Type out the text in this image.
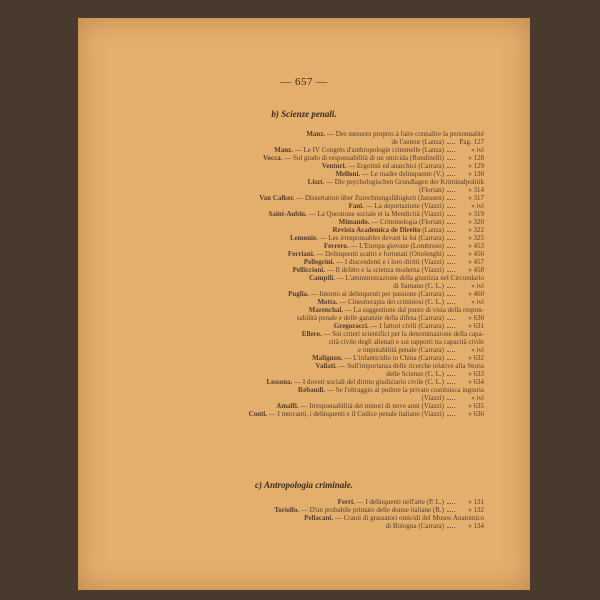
— 657 —
b) Scienze penali.
Manz. — Des mesures propres à faire connaître la personnalité
de l'auteur (Lanza) Pag. 127
Manz. — Le IV Congrès d'anthropologie criminelle (Lanza)	» ivi
Vocca. — Sul grado di responsabilità di un omicida (Rondinelli)	» 128
Venturi. — Ergotisti ed anarchici (Carrara)	» 129
Melloni. — Le madre delinquente (V.)	» 130
Liszt. — Die psychologischen Grundlagen der Kriminalpolitik
(Florian)	» 314
Van Calker. — Dissertation über Zurechnungsfähigkeit (Janssen)	» 317
Fani. — La deportazione (Viazzi)	» ivi
Saint-Aubin. — La Questione sociale et la Mendicità (Viazzi)	» 319
Mimando. — Criminologia (Florian)	» 320
Revista Academica de Direito (Lanza)	» 322
Lemonie. — Les irresponsables devant la loi (Carrara)	» 325
Ferrero. — L'Europa giovane (Lombroso)	» 453
Ferriani. — Delinquenti scaltri e fortunati (Ottolenghi)	» 456
Pellegrini. — I discendenti e i loro diritti (Viazzi)	» 457
Pelliccioni. — Il delitto e la scienza moderna (Viazzi)	» 458
Campili. — L'amministrazione della giustizia nel Circondario
di Sarnano (C. L.)	» ivi
Puglia. — Intorno ai delinquenti per passione (Carrara)	» 460
Motta. — Cinesiterapia dei criminosi (C. L.)	» ivi
Marenchal. — La suggestione dal punto di vista della respon-
sabilità penale e delle garanzie della difesa (Carrara)	» 630
Gregoracci. — I fattori civili (Carrara)	» 631
Ellero. — Sui criteri scientifici per la determinazione della capa-
cità civile degli alienati e sui rapporti tra capacità civile
e imputabilità penale (Carrara)	» ivi
Malignon. — L'infanticidio in China (Carrara)	» 632
Vailati. — Sull'importanza delle ricerche relative alla Storia
delle Scienze (C. L.)	» 633
Lessona. — I doveri sociali del diritto giudiziario civile (C. L.)	» 634
Rebaudi. — Se l'oltraggio al pudore la privato costituisca ingiuria
(Viazzi)	» ivi
Amalfi. — Irresponsabilità dei minori di nove anni (Viazzi)	» 635
Conti. — I mercanti, i delinquenti e il Codice penale italiano (Viazzi)	» 636
c) Antropologia criminale.
Ferri. — I delinquenti nell'arte (P. L.)	» 131
Toriello. — D'un probabile primato delle donne italiane (R.)	» 132
Pellacani. — Cranii di grassatori omicidi del Museo Anatomico
di Bologna (Carrara)	» 134
